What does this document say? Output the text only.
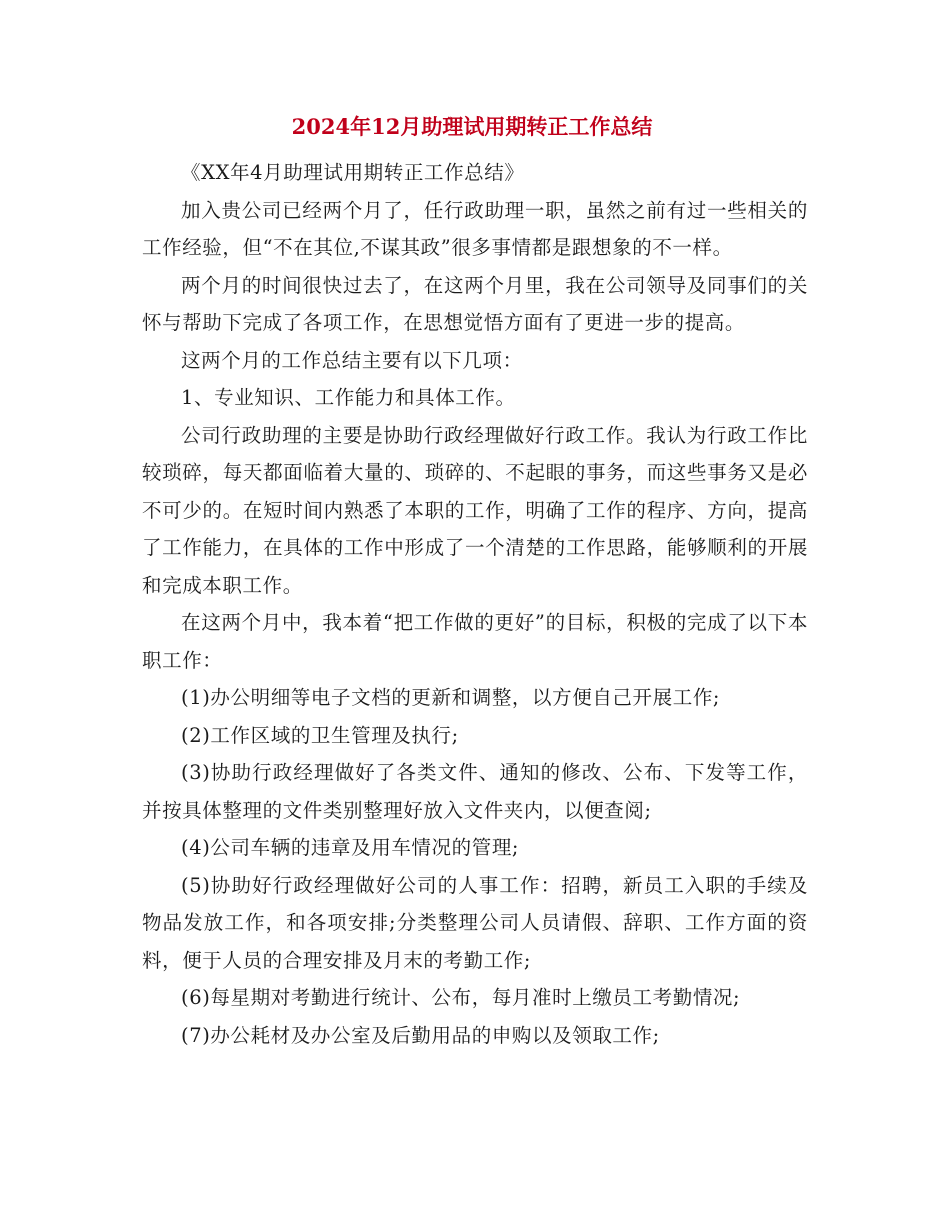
2024年12月助理试用期转正工作总结

《XX年4月助理试用期转正工作总结》

加入贵公司已经两个月了，任行政助理一职，虽然之前有过一些相关的工作经验，但“不在其位,不谋其政”很多事情都是跟想象的不一样。

两个月的时间很快过去了，在这两个月里，我在公司领导及同事们的关怀与帮助下完成了各项工作，在思想觉悟方面有了更进一步的提高。

这两个月的工作总结主要有以下几项：

1、专业知识、工作能力和具体工作。

公司行政助理的主要是协助行政经理做好行政工作。我认为行政工作比较琐碎，每天都面临着大量的、琐碎的、不起眼的事务，而这些事务又是必不可少的。在短时间内熟悉了本职的工作，明确了工作的程序、方向，提高了工作能力，在具体的工作中形成了一个清楚的工作思路，能够顺利的开展和完成本职工作。

在这两个月中，我本着“把工作做的更好”的目标，积极的完成了以下本职工作：

(1)办公明细等电子文档的更新和调整，以方便自己开展工作;

(2)工作区域的卫生管理及执行;

(3)协助行政经理做好了各类文件、通知的修改、公布、下发等工作，并按具体整理的文件类别整理好放入文件夹内，以便查阅;

(4)公司车辆的违章及用车情况的管理;

(5)协助好行政经理做好公司的人事工作：招聘，新员工入职的手续及物品发放工作，和各项安排;分类整理公司人员请假、辞职、工作方面的资料，便于人员的合理安排及月末的考勤工作;

(6)每星期对考勤进行统计、公布，每月准时上缴员工考勤情况;

(7)办公耗材及办公室及后勤用品的申购以及领取工作;
